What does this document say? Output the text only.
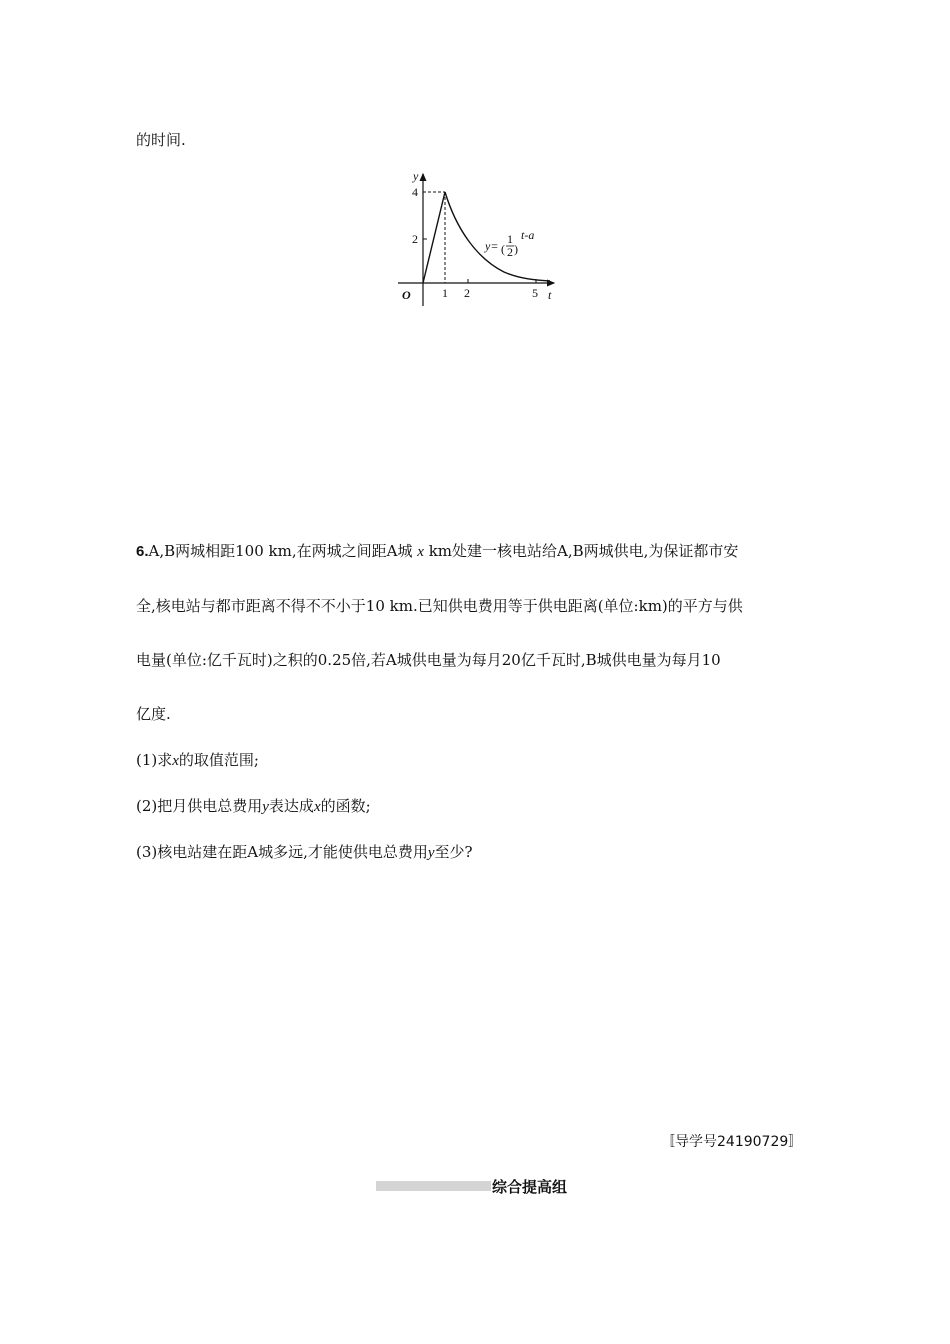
的时间.
y
t
O
4
2
1 2	5
y= (
1
2 )
t-a
6.A,B两城相距100 km,在两城之间距A城 x km处建一核电站给A,B两城供电,为保证都市安
全,核电站与都市距离不得不不小于10 km.已知供电费用等于供电距离(单位:km)的平方与供
电量(单位:亿千瓦时)之积的0.25倍,若A城供电量为每月20亿千瓦时,B城供电量为每月10
亿度.
(1)求x的取值范围;
(2)把月供电总费用y表达成x的函数;
(3)核电站建在距A城多远,才能使供电总费用y至少?
〚导学号24190729〛
综合提高组
